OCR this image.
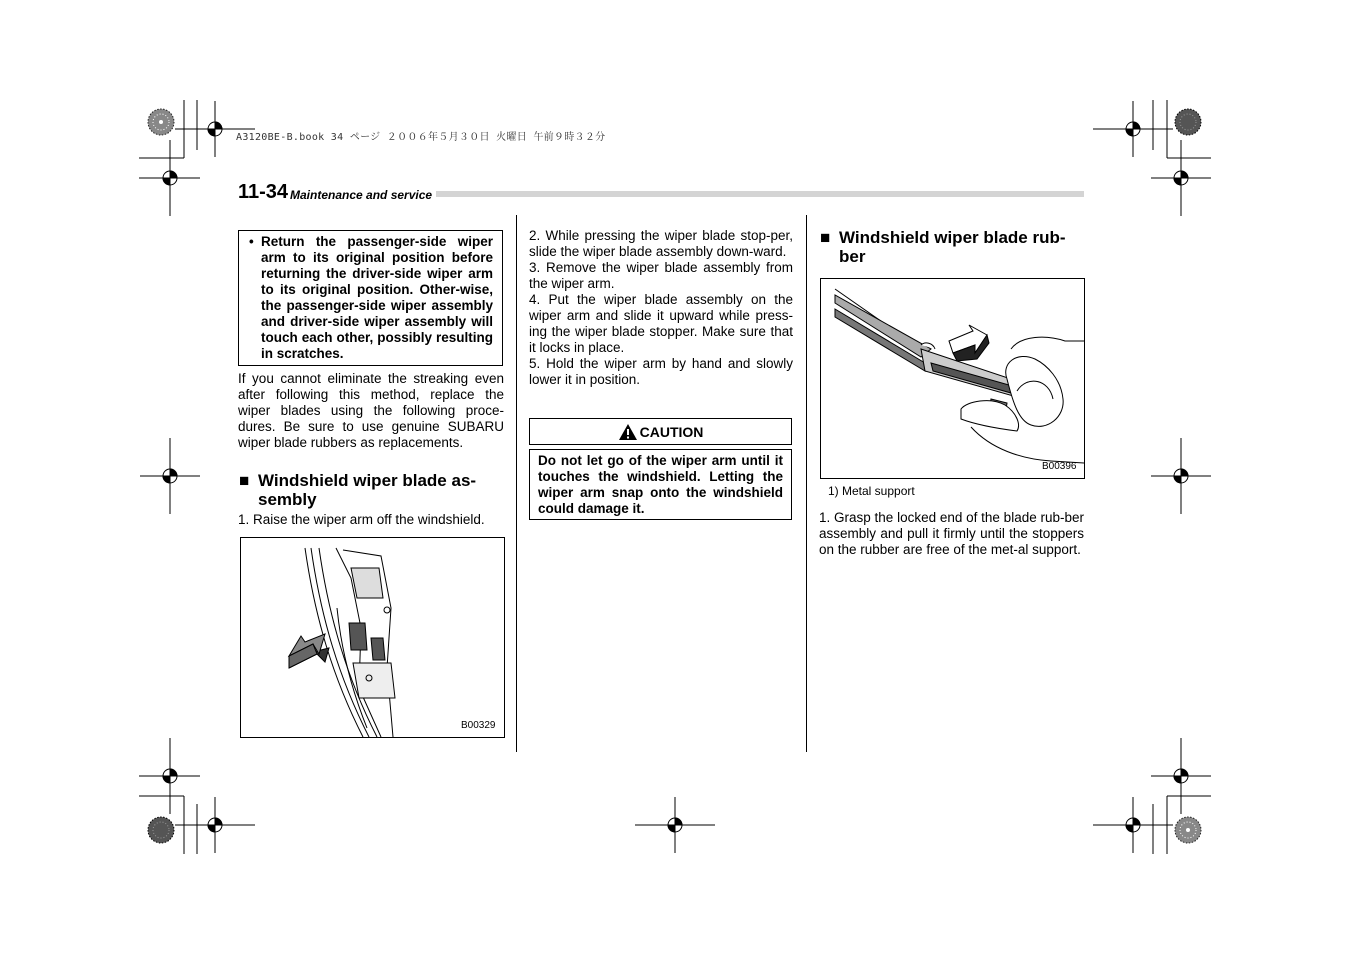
A3120BE-B.book 34 ページ ２００６年５月３０日 火曜日 午前９時３２分
11-34 Maintenance and service
• Return the passenger-side wiper arm to its original position before returning the driver-side wiper arm to its original position. Other-wise, the passenger-side wiper assembly and driver-side wiper assembly will touch each other, possibly resulting in scratches.
If you cannot eliminate the streaking even after following this method, replace the wiper blades using the following proce-dures. Be sure to use genuine SUBARU wiper blade rubbers as replacements.
■ Windshield wiper blade as-
sembly
1. Raise the wiper arm off the windshield.
B00329
2. While pressing the wiper blade stop-per, slide the wiper blade assembly down-ward.
3. Remove the wiper blade assembly from the wiper arm.
4. Put the wiper blade assembly on the wiper arm and slide it upward while press-ing the wiper blade stopper. Make sure that it locks in place.
5. Hold the wiper arm by hand and slowly lower it in position.
CAUTION
Do not let go of the wiper arm until it touches the windshield. Letting the wiper arm snap onto the windshield could damage it.
■ Windshield wiper blade rub-
ber
B00396
1) Metal support
1. Grasp the locked end of the blade rub-ber assembly and pull it firmly until the stoppers on the rubber are free of the met-al support.
